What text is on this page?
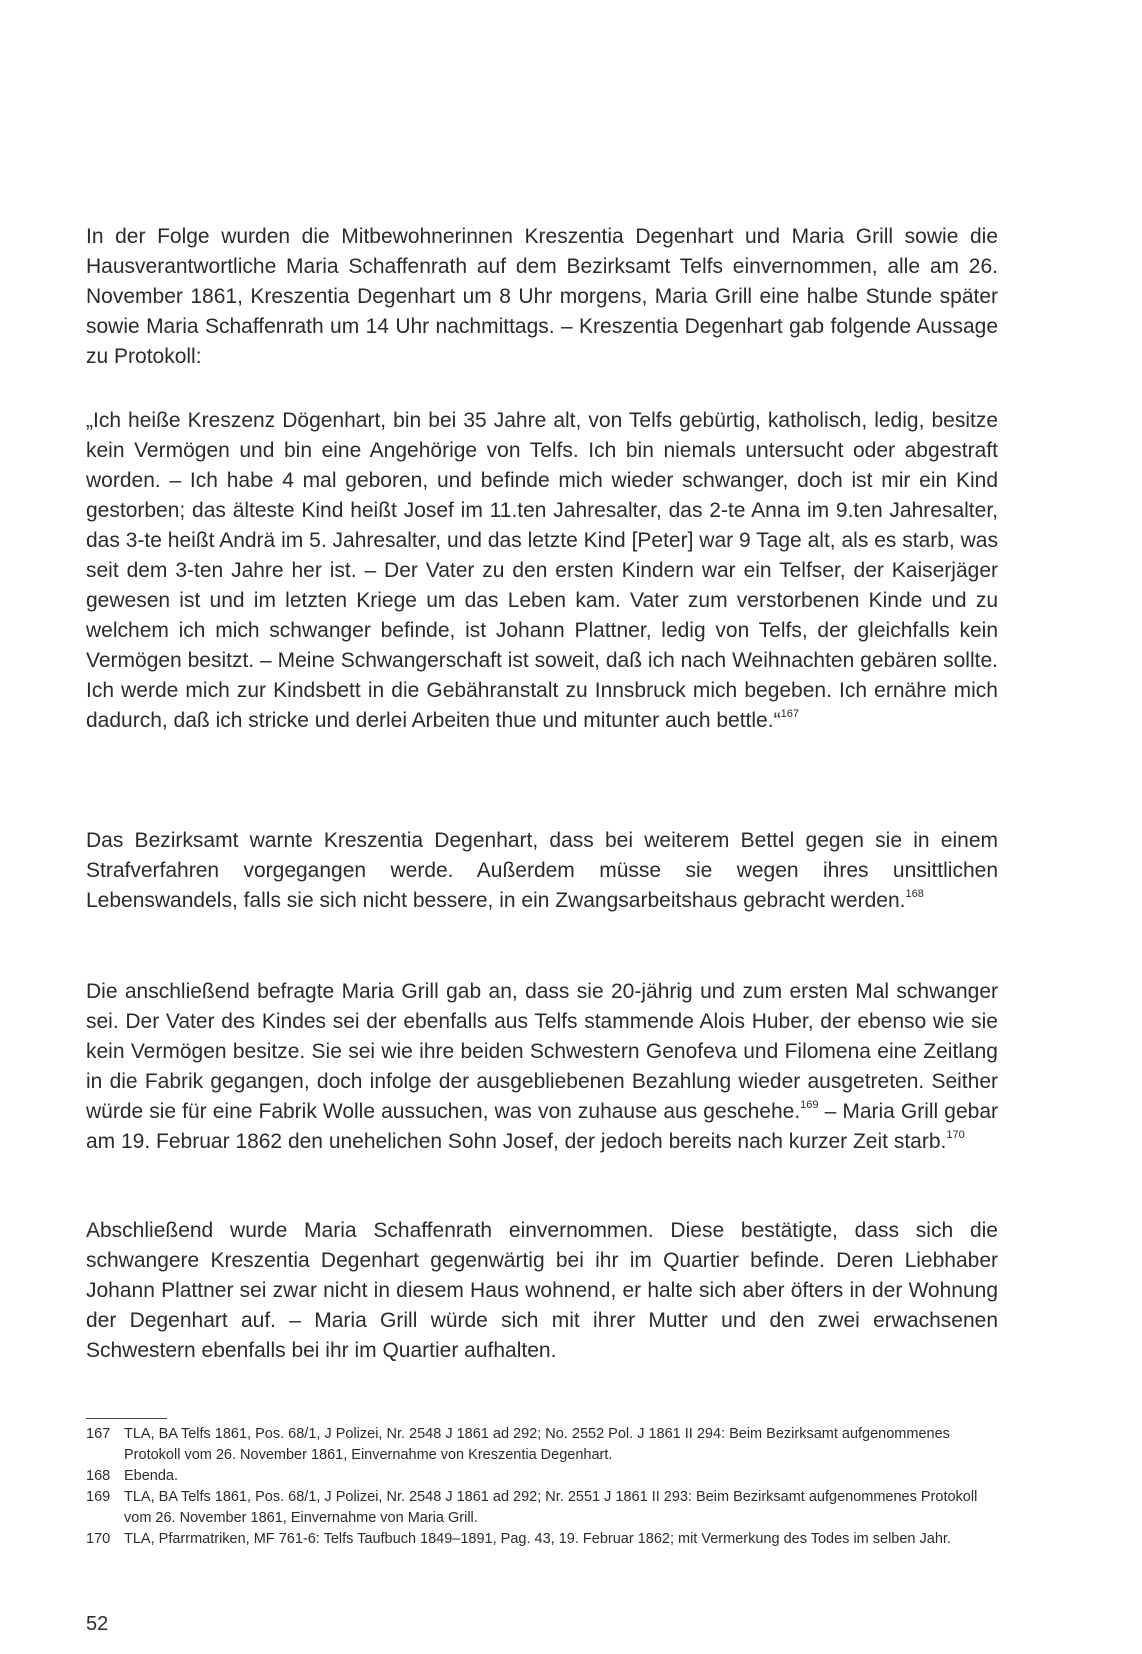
In der Folge wurden die Mitbewohnerinnen Kreszentia Degenhart und Maria Grill sowie die Hausverantwortliche Maria Schaffenrath auf dem Bezirksamt Telfs einvernommen, alle am 26. November 1861, Kreszentia Degenhart um 8 Uhr morgens, Maria Grill eine halbe Stunde später sowie Maria Schaffenrath um 14 Uhr nachmittags. – Kreszentia Degenhart gab folgende Aussage zu Protokoll:

„Ich heiße Kreszenz Dögenhart, bin bei 35 Jahre alt, von Telfs gebürtig, katholisch, ledig, besitze kein Vermögen und bin eine Angehörige von Telfs. Ich bin niemals untersucht oder abgestraft worden. – Ich habe 4 mal geboren, und befinde mich wieder schwanger, doch ist mir ein Kind gestorben; das älteste Kind heißt Josef im 11.ten Jahresalter, das 2-te Anna im 9.ten Jahresalter, das 3-te heißt Andrä im 5. Jahresalter, und das letzte Kind [Peter] war 9 Tage alt, als es starb, was seit dem 3-ten Jahre her ist. – Der Vater zu den ersten Kindern war ein Telfser, der Kaiserjäger gewesen ist und im letzten Kriege um das Leben kam. Vater zum verstorbenen Kinde und zu welchem ich mich schwanger befinde, ist Johann Plattner, ledig von Telfs, der gleichfalls kein Vermögen besitzt. – Meine Schwangerschaft ist soweit, daß ich nach Weihnachten gebären sollte. Ich werde mich zur Kindsbett in die Gebähranstalt zu Innsbruck mich begeben. Ich ernähre mich dadurch, daß ich stricke und derlei Arbeiten thue und mitunter auch bettle.“$^{167}$

Das Bezirksamt warnte Kreszentia Degenhart, dass bei weiterem Bettel gegen sie in einem Strafverfahren vorgegangen werde. Außerdem müsse sie wegen ihres unsittlichen Lebenswandels, falls sie sich nicht bessere, in ein Zwangsarbeitshaus gebracht werden.$^{168}$

Die anschließend befragte Maria Grill gab an, dass sie 20-jährig und zum ersten Mal schwanger sei. Der Vater des Kindes sei der ebenfalls aus Telfs stammende Alois Huber, der ebenso wie sie kein Vermögen besitze. Sie sei wie ihre beiden Schwestern Genofeva und Filomena eine Zeitlang in die Fabrik gegangen, doch infolge der ausgebliebenen Bezahlung wieder ausgetreten. Seither würde sie für eine Fabrik Wolle aussuchen, was von zuhause aus geschehe.$^{169}$ – Maria Grill gebar am 19. Februar 1862 den unehelichen Sohn Josef, der jedoch bereits nach kurzer Zeit starb.$^{170}$

Abschließend wurde Maria Schaffenrath einvernommen. Diese bestätigte, dass sich die schwangere Kreszentia Degenhart gegenwärtig bei ihr im Quartier befinde. Deren Liebhaber Johann Plattner sei zwar nicht in diesem Haus wohnend, er halte sich aber öfters in der Wohnung der Degenhart auf. – Maria Grill würde sich mit ihrer Mutter und den zwei erwachsenen Schwestern ebenfalls bei ihr im Quartier aufhalten.

167 TLA, BA Telfs 1861, Pos. 68/1, J Polizei, Nr. 2548 J 1861 ad 292; No. 2552 Pol. J 1861 II 294: Beim Bezirksamt aufgenommenes Protokoll vom 26. November 1861, Einvernahme von Kreszentia Degenhart.
168 Ebenda.
169 TLA, BA Telfs 1861, Pos. 68/1, J Polizei, Nr. 2548 J 1861 ad 292; Nr. 2551 J 1861 II 293: Beim Bezirksamt aufgenommenes Protokoll vom 26. November 1861, Einvernahme von Maria Grill.
170 TLA, Pfarrmatriken, MF 761-6: Telfs Taufbuch 1849–1891, Pag. 43, 19. Februar 1862; mit Vermerkung des Todes im selben Jahr.
52
